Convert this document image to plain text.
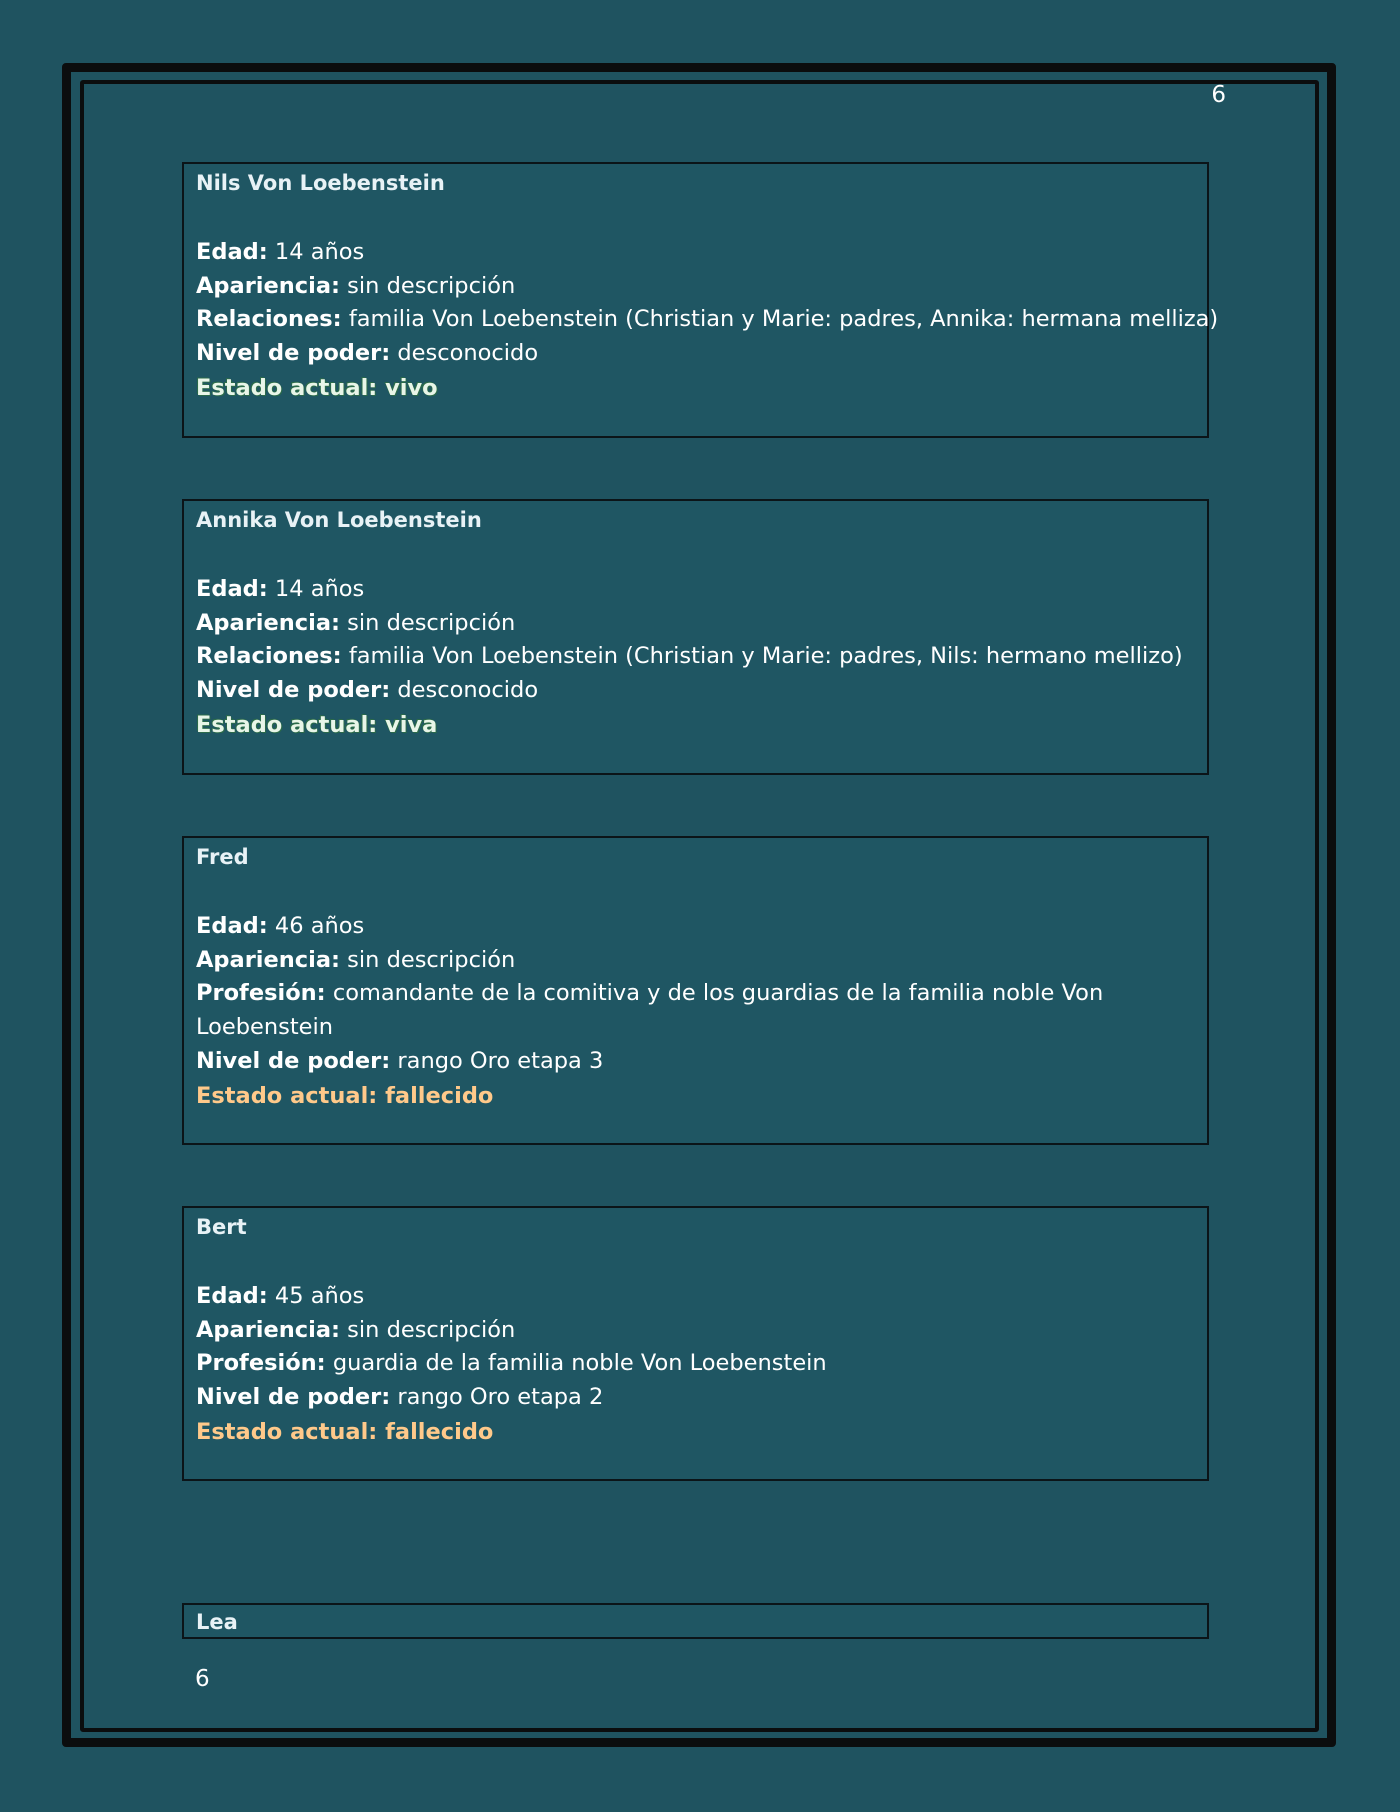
6
Nils Von Loebenstein
Edad: 14 años
Apariencia: sin descripción
Relaciones: familia Von Loebenstein (Christian y Marie: padres, Annika: hermana melliza)
Nivel de poder: desconocido
Estado actual: vivo
Annika Von Loebenstein
Edad: 14 años
Apariencia: sin descripción
Relaciones: familia Von Loebenstein (Christian y Marie: padres, Nils: hermano mellizo)
Nivel de poder: desconocido
Estado actual: viva
Fred
Edad: 46 años
Apariencia: sin descripción
Profesión: comandante de la comitiva y de los guardias de la familia noble Von Loebenstein
Nivel de poder: rango Oro etapa 3
Estado actual: fallecido
Bert
Edad: 45 años
Apariencia: sin descripción
Profesión: guardia de la familia noble Von Loebenstein
Nivel de poder: rango Oro etapa 2
Estado actual: fallecido
Lea
6
